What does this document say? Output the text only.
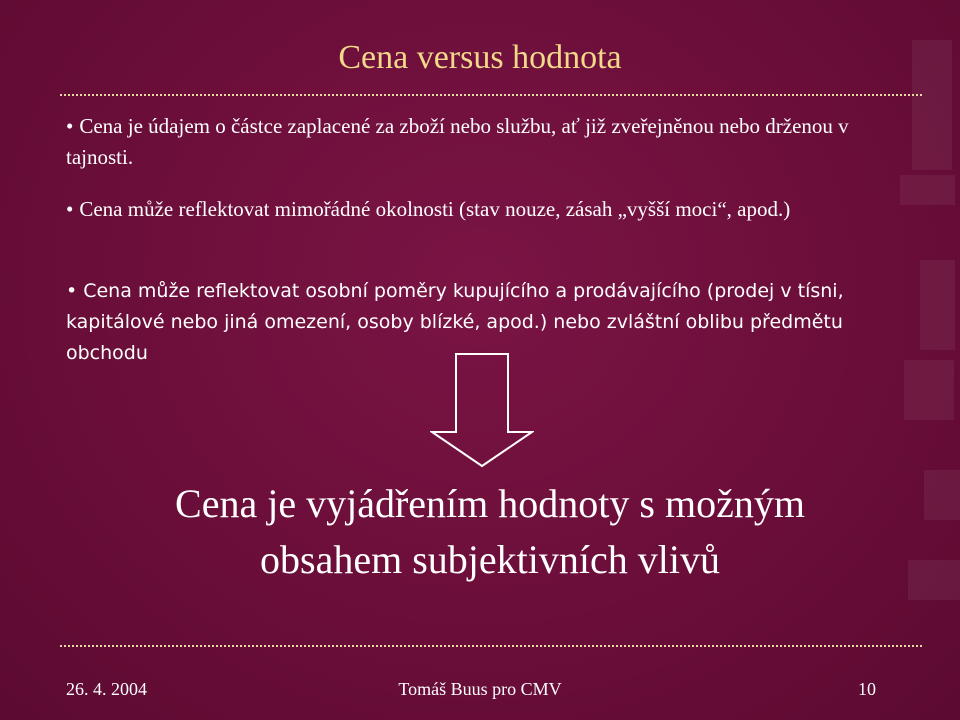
Cena versus hodnota
• Cena je údajem o částce zaplacené za zboží nebo službu, ať již zveřejněnou nebo drženou v tajnosti.
• Cena může reflektovat mimořádné okolnosti (stav nouze, zásah „vyšší moci“, apod.)
• Cena může reflektovat osobní poměry kupujícího a prodávajícího (prodej v tísni, kapitálové nebo jiná omezení, osoby blízké, apod.) nebo zvláštní oblibu předmětu obchodu
Cena je vyjádřením hodnoty s možným
obsahem subjektivních vlivů
26. 4. 2004	Tomáš Buus pro CMV	10
